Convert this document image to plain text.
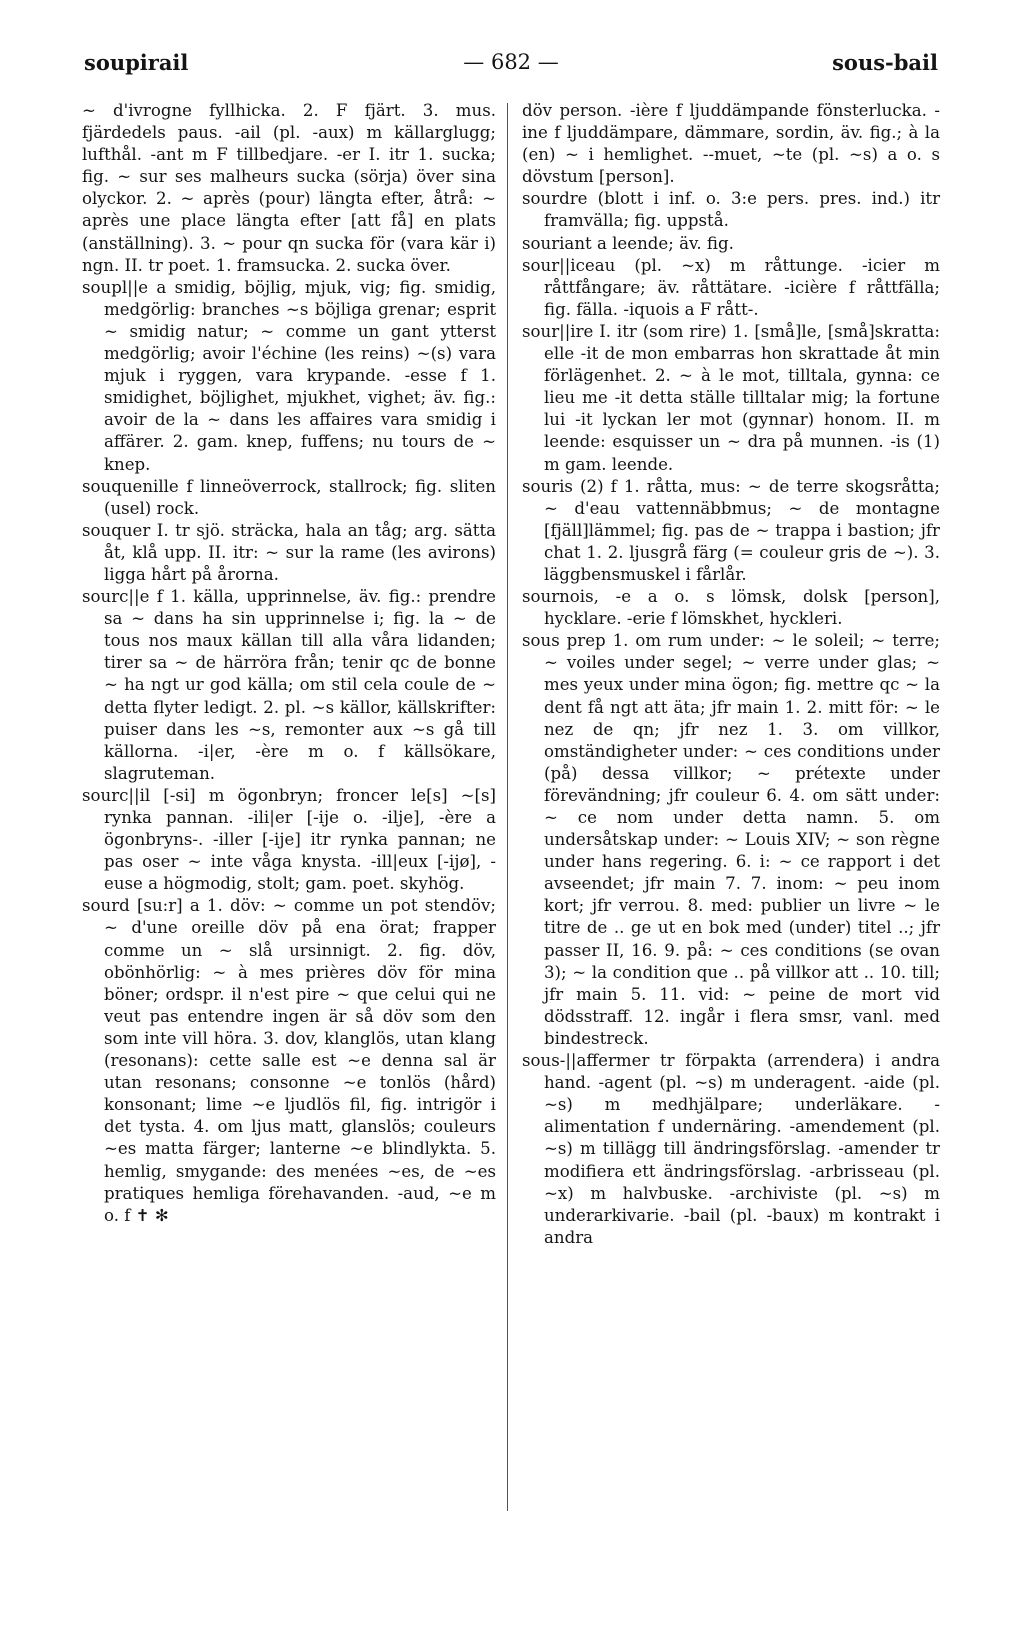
soupirail	— 682 —	sous-bail

~ d'ivrogne fyllhicka. 2. F fjärt. 3. mus. fjärdedels paus. -ail (pl. -aux) m källarglugg; lufthål. -ant m F tillbedjare. -er I. itr 1. sucka; fig. ~ sur ses malheurs sucka (sörja) över sina olyckor. 2. ~ après (pour) längta efter, åtrå: ~ après une place längta efter [att få] en plats (anställning). 3. ~ pour qn sucka för (vara kär i) ngn. II. tr poet. 1. framsucka. 2. sucka över.

soupl||e a smidig, böjlig, mjuk, vig; fig. smidig, medgörlig: branches ~s böjliga grenar; esprit ~ smidig natur; ~ comme un gant ytterst medgörlig; avoir l'échine (les reins) ~(s) vara mjuk i ryggen, vara krypande. -esse f 1. smidighet, böjlighet, mjukhet, vighet; äv. fig.: avoir de la ~ dans les affaires vara smidig i affärer. 2. gam. knep, fuffens; nu tours de ~ knep.

souquenille f linneöverrock, stallrock; fig. sliten (usel) rock.

souquer I. tr sjö. sträcka, hala an tåg; arg. sätta åt, klå upp. II. itr: ~ sur la rame (les avirons) ligga hårt på årorna.

sourc||e f 1. källa, upprinnelse, äv. fig.: prendre sa ~ dans ha sin upprinnelse i; fig. la ~ de tous nos maux källan till alla våra lidanden; tirer sa ~ de härröra från; tenir qc de bonne ~ ha ngt ur god källa; om stil cela coule de ~ detta flyter ledigt. 2. pl. ~s källor, källskrifter: puiser dans les ~s, remonter aux ~s gå till källorna. -i|er, -ère m o. f källsökare, slagruteman.

sourc||il [-si] m ögonbryn; froncer le[s] ~[s] rynka pannan. -ili|er [-ije o. -ilje], -ère a ögonbryns-. -iller [-ije] itr rynka pannan; ne pas oser ~ inte våga knysta. -ill|eux [-ijø], -euse a högmodig, stolt; gam. poet. skyhög.

sourd [su:r] a 1. döv: ~ comme un pot stendöv; ~ d'une oreille döv på ena örat; frapper comme un ~ slå ursinnigt. 2. fig. döv, obönhörlig: ~ à mes prières döv för mina böner; ordspr. il n'est pire ~ que celui qui ne veut pas entendre ingen är så döv som den som inte vill höra. 3. dov, klanglös, utan klang (resonans): cette salle est ~e denna sal är utan resonans; consonne ~e tonlös (hård) konsonant; lime ~e ljudlös fil, fig. intrigör i det tysta. 4. om ljus matt, glanslös; couleurs ~es matta färger; lanterne ~e blindlykta. 5. hemlig, smygande: des menées ~es, de ~es pratiques hemliga förehavanden. -aud, ~e m o. f ✝ ✻

döv person. -ière f ljuddämpande fönsterlucka. -ine f ljuddämpare, dämmare, sordin, äv. fig.; à la (en) ~ i hemlighet. --muet, ~te (pl. ~s) a o. s dövstum [person].

sourdre (blott i inf. o. 3:e pers. pres. ind.) itr framvälla; fig. uppstå.

souriant a leende; äv. fig.

sour||iceau (pl. ~x) m råttunge. -icier m råttfångare; äv. råttätare. -icière f råttfälla; fig. fälla. -iquois a F rått-.

sour||ire I. itr (som rire) 1. [små]le, [små]skratta: elle -it de mon embarras hon skrattade åt min förlägenhet. 2. ~ à le mot, tilltala, gynna: ce lieu me -it detta ställe tilltalar mig; la fortune lui -it lyckan ler mot (gynnar) honom. II. m leende: esquisser un ~ dra på munnen. -is (1) m gam. leende.

souris (2) f 1. råtta, mus: ~ de terre skogsråtta; ~ d'eau vattennäbbmus; ~ de montagne [fjäll]lämmel; fig. pas de ~ trappa i bastion; jfr chat 1. 2. ljusgrå färg (= couleur gris de ~). 3. läggbensmuskel i fårlår.

sournois, -e a o. s lömsk, dolsk [person], hycklare. -erie f lömskhet, hyckleri.

sous prep 1. om rum under: ~ le soleil; ~ terre; ~ voiles under segel; ~ verre under glas; ~ mes yeux under mina ögon; fig. mettre qc ~ la dent få ngt att äta; jfr main 1. 2. mitt för: ~ le nez de qn; jfr nez 1. 3. om villkor, omständigheter under: ~ ces conditions under (på) dessa villkor; ~ prétexte under förevändning; jfr couleur 6. 4. om sätt under: ~ ce nom under detta namn. 5. om undersåtskap under: ~ Louis XIV; ~ son règne under hans regering. 6. i: ~ ce rapport i det avseendet; jfr main 7. 7. inom: ~ peu inom kort; jfr verrou. 8. med: publier un livre ~ le titre de .. ge ut en bok med (under) titel ..; jfr passer II, 16. 9. på: ~ ces conditions (se ovan 3); ~ la condition que .. på villkor att .. 10. till; jfr main 5. 11. vid: ~ peine de mort vid dödsstraff. 12. ingår i flera smsr, vanl. med bindestreck.

sous-||affermer tr förpakta (arrendera) i andra hand. -agent (pl. ~s) m underagent. -aide (pl. ~s) m medhjälpare; underläkare. -alimentation f undernäring. -amendement (pl. ~s) m tillägg till ändringsförslag. -amender tr modifiera ett ändringsförslag. -arbrisseau (pl. ~x) m halvbuske. -archiviste (pl. ~s) m underarkivarie. -bail (pl. -baux) m kontrakt i andra
